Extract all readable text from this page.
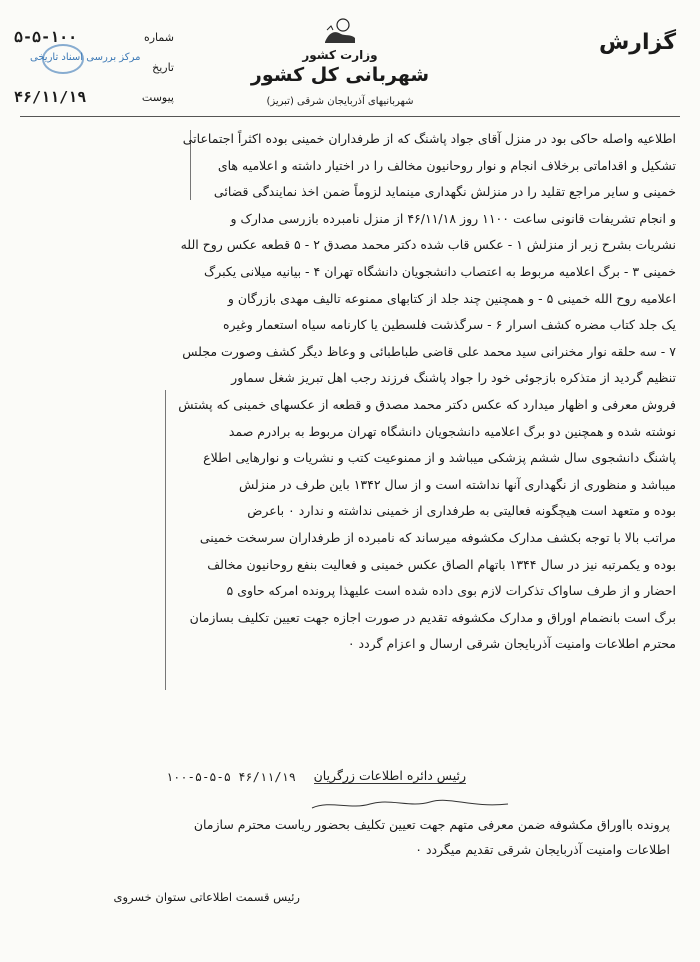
گزارش
وزارت کشور
شهربانی کل کشور
شهربانیهای آذربایجان شرقی (تبریز)
شماره
۵-۵-۱۰۰
تاریخ
پیوست
۴۶/۱۱/۱۹
مرکز بررسی اسناد تاریخی

اطلاعیه واصله حاکی بود در منزل آقای جواد پاشنگ که از طرفداران خمینی بوده اکثراً اجتماعاتی

تشکیل و اقداماتی برخلاف انجام و نوار روحانیون مخالف را در اختیار داشته و اعلامیه های

خمینی و سایر مراجع تقلید را در منزلش نگهداری مینماید لزوماً ضمن اخذ نمایندگی قضائی

و انجام تشریفات قانونی ساعت ۱۱۰۰ روز ۴۶/۱۱/۱۸ از منزل نامبرده بازرسی مدارک و

نشریات بشرح زیر از منزلش ۱ - عکس قاب شده دکتر محمد مصدق ۲ - ۵ قطعه عکس روح الله

خمینی ۳ - برگ اعلامیه مربوط به اعتصاب دانشجویان دانشگاه تهران ۴ - بیانیه میلانی یکبرگ

اعلامیه روح الله خمینی ۵ - و همچنین چند جلد از کتابهای ممنوعه تالیف مهدی بازرگان و

یک جلد کتاب مضره کشف اسرار ۶ - سرگذشت فلسطین یا کارنامه سیاه استعمار وغیره

۷ - سه حلقه نوار مخنرانی سید محمد علی قاضی طباطبائی و وعاظ دیگر کشف وصورت مجلس

تنظیم گردید از متذکره بازجوئی خود را جواد پاشنگ فرزند رجب اهل تبریز شغل سماور

فروش معرفی و اظهار میدارد که عکس دکتر محمد مصدق و قطعه از عکسهای خمینی که پشتش

نوشته شده و همچنین دو برگ اعلامیه دانشجویان دانشگاه تهران مربوط به برادرم صمد

پاشنگ دانشجوی سال ششم پزشکی میباشد و از ممنوعیت کتب و نشریات و نوارهایی اطلاع

میباشد و منظوری از نگهداری آنها نداشته است و از سال ۱۳۴۲ باین طرف در منزلش

بوده و متعهد است هیچگونه فعالیتی به طرفداری از خمینی نداشته و ندارد ۰ باعرض

مراتب بالا با توجه بکشف مدارک مکشوفه میرساند که نامبرده از طرفداران سرسخت خمینی

بوده و یکمرتبه نیز در سال ۱۳۴۴ باتهام الصاق عکس خمینی و فعالیت بنفع روحانیون مخالف

احضار و از طرف ساواک تذکرات لازم بوی داده شده است علیهذا پرونده امرکه حاوی ۵

برگ است بانضمام اوراق و مدارک مکشوفه تقدیم در صورت اجازه جهت تعیین تکلیف بسازمان

محترم اطلاعات وامنیت آذربایجان شرقی ارسال و اعزام گردد ۰

رئیس دائره اطلاعات زرگریان
۱۰۰-۵-۵-۵ ۴۶/۱۱/۱۹

پرونده بااوراق مکشوفه ضمن معرفی متهم جهت تعیین تکلیف بحضور ریاست محترم سازمان

اطلاعات وامنیت آذربایجان شرقی تقدیم میگردد ۰

رئیس قسمت اطلاعاتی ستوان خسروی
